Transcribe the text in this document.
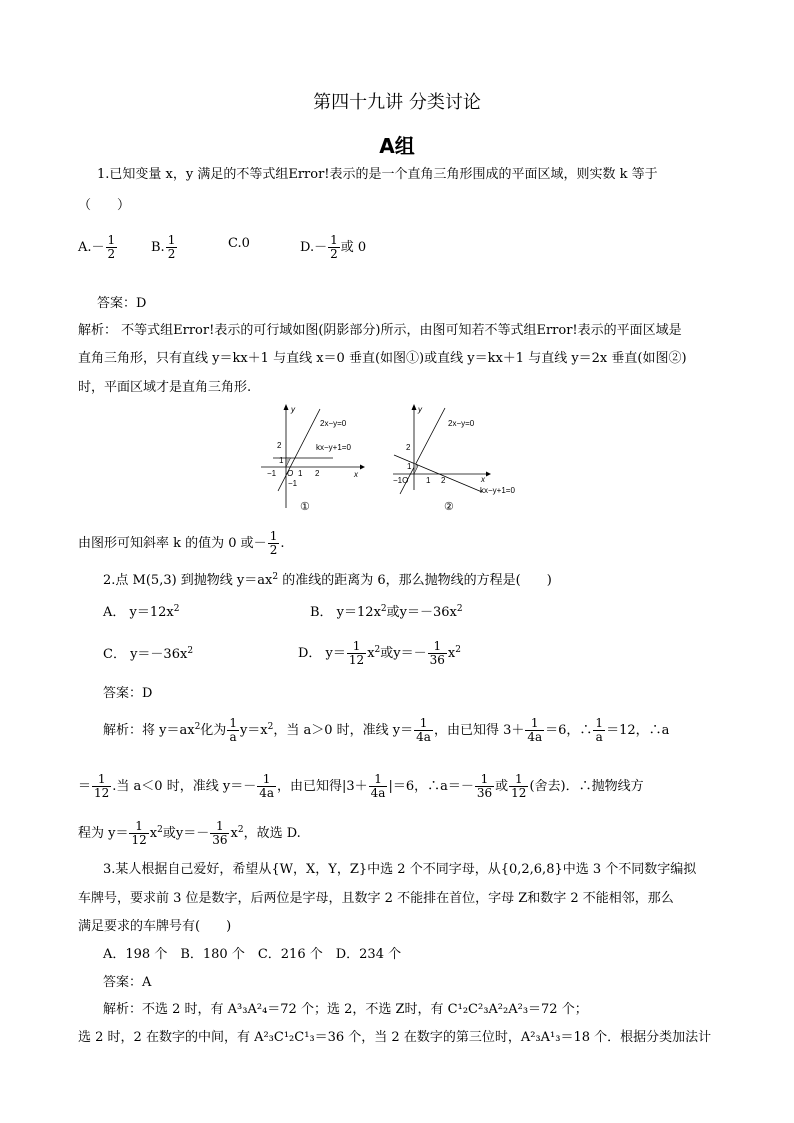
第四十九讲 分类讨论
A组
1.已知变量 x，y 满足的不等式组Error!表示的是一个直角三角形围成的平面区域，则实数 k 等于
（　　）
$A.- \frac{1}{2}$	B. $\frac{1}{2}$	C.0	$D.- \frac{1}{2}$ 或 0
答案：D
解析： 不等式组Error!表示的可行域如图(阴影部分)所示，由图可知若不等式组Error!表示的平面区域是
直角三角形，只有直线 y＝kx＋1 与直线 x＝0 垂直(如图①)或直线 y＝kx＋1 与直线 y＝2x 垂直(如图②)
时，平面区域才是直角三角形.
y
x
2x−y=0
kx−y+1=0
2
1
−1 O 1 2
−1
①
y
x
2x−y=0
kx−y+1=0
2
1
−1O 1 2
②
由图形可知斜率 k 的值为 0 或－ $\frac{1}{2}$ .
2.点 M(5,3) 到抛物线 $y=ax^2$ 的准线的距离为 6，那么抛物线的方程是(　　)
A． $y=12x^2$	B． $y=12x^2$或$y=-36x^2$
C． $y=-36x^2$	D． $y= \frac{1}{12} x^2$或$y=- \frac{1}{36} x^2$
答案：D
解析：将 $y=ax^2$化为 $\frac{1}{a} y=x^2$，当 a＞0 时，准线 $y= \frac{1}{4a}$ ，由已知得 $3+ \frac{1}{4a} =6$，∴ $\frac{1}{a} =12$，∴a
＝ $\frac{1}{12}$ .当 a＜0 时，准线 $y=- \frac{1}{4a}$ ，由已知得$|3+ \frac{1}{4a} |=6$，∴a＝－ $\frac{1}{36}$ 或 $\frac{1}{12}$ (舍去)．∴抛物线方
程为 $y= \frac{1}{12} x^2$或$y=- \frac{1}{36} x^2$，故选 D.
3.某人根据自己爱好，希望从{W，X，Y，Z}中选 2 个不同字母，从{0,2,6,8}中选 3 个不同数字编拟
车牌号，要求前 3 位是数字，后两位是字母，且数字 2 不能排在首位，字母 Z和数字 2 不能相邻，那么
满足要求的车牌号有(　　)
A．198 个　B．180 个　C．216 个　D．234 个
答案：A
解析：不选 2 时，有 A³₃A²₄＝72 个；选 2，不选 Z时，有 C¹₂C²₃A²₂A²₃＝72 个；
选 2 时，2 在数字的中间，有 A²₃C¹₂C¹₃＝36 个，当 2 在数字的第三位时，A²₃A¹₃＝18 个．根据分类加法计
